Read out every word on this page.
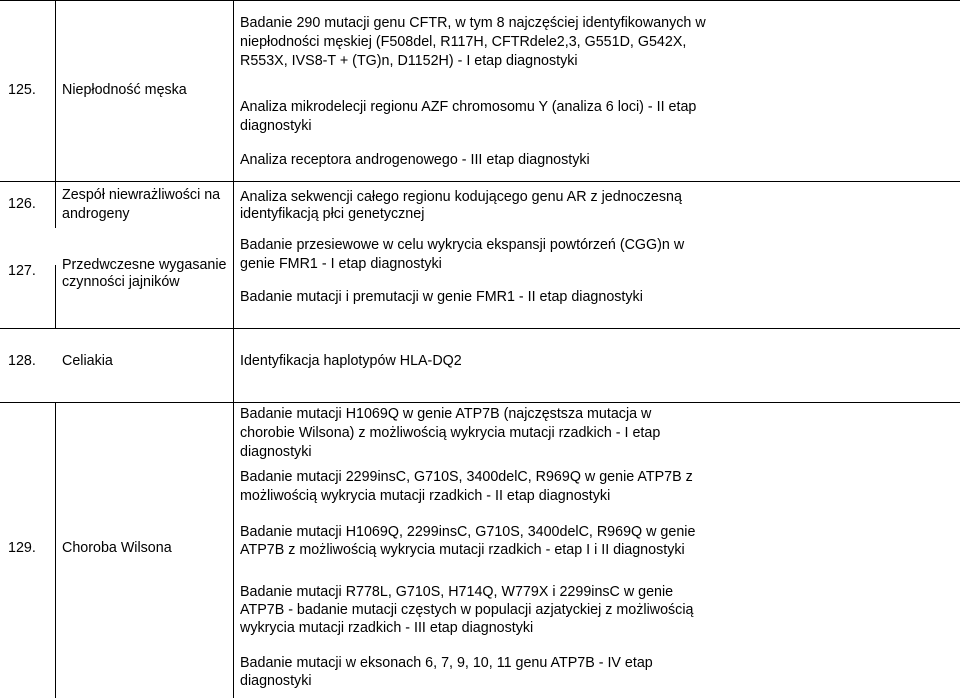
125. Niepłodność męska
Badanie 290 mutacji genu CFTR, w tym 8 najczęściej identyfikowanych w
niepłodności męskiej (F508del, R117H, CFTRdele2,3, G551D, G542X,
R553X, IVS8-T + (TG)n, D1152H) - I etap diagnostyki
Analiza mikrodelecji regionu AZF chromosomu Y (analiza 6 loci) - II etap
diagnostyki
Analiza receptora androgenowego - III etap diagnostyki
126.
Zespół niewrażliwości na
androgeny
Analiza sekwencji całego regionu kodującego genu AR z jednoczesną
identyfikacją płci genetycznej
127. Przedwczesne wygasanie
czynności jajników
Badanie przesiewowe w celu wykrycia ekspansji powtórzeń (CGG)n w
genie FMR1 - I etap diagnostyki
Badanie mutacji i premutacji w genie FMR1 - II etap diagnostyki
128. Celiakia	Identyfikacja haplotypów HLA-DQ2
129. Choroba Wilsona
Badanie mutacji H1069Q w genie ATP7B (najczęstsza mutacja w
chorobie Wilsona) z możliwością wykrycia mutacji rzadkich - I etap
diagnostyki
Badanie mutacji 2299insC, G710S, 3400delC, R969Q w genie ATP7B z
możliwością wykrycia mutacji rzadkich - II etap diagnostyki
Badanie mutacji H1069Q, 2299insC, G710S, 3400delC, R969Q w genie
ATP7B z możliwością wykrycia mutacji rzadkich - etap I i II diagnostyki
Badanie mutacji R778L, G710S, H714Q, W779X i 2299insC w genie
ATP7B - badanie mutacji częstych w populacji azjatyckiej z możliwością
wykrycia mutacji rzadkich - III etap diagnostyki
Badanie mutacji w eksonach 6, 7, 9, 10, 11 genu ATP7B - IV etap
diagnostyki
